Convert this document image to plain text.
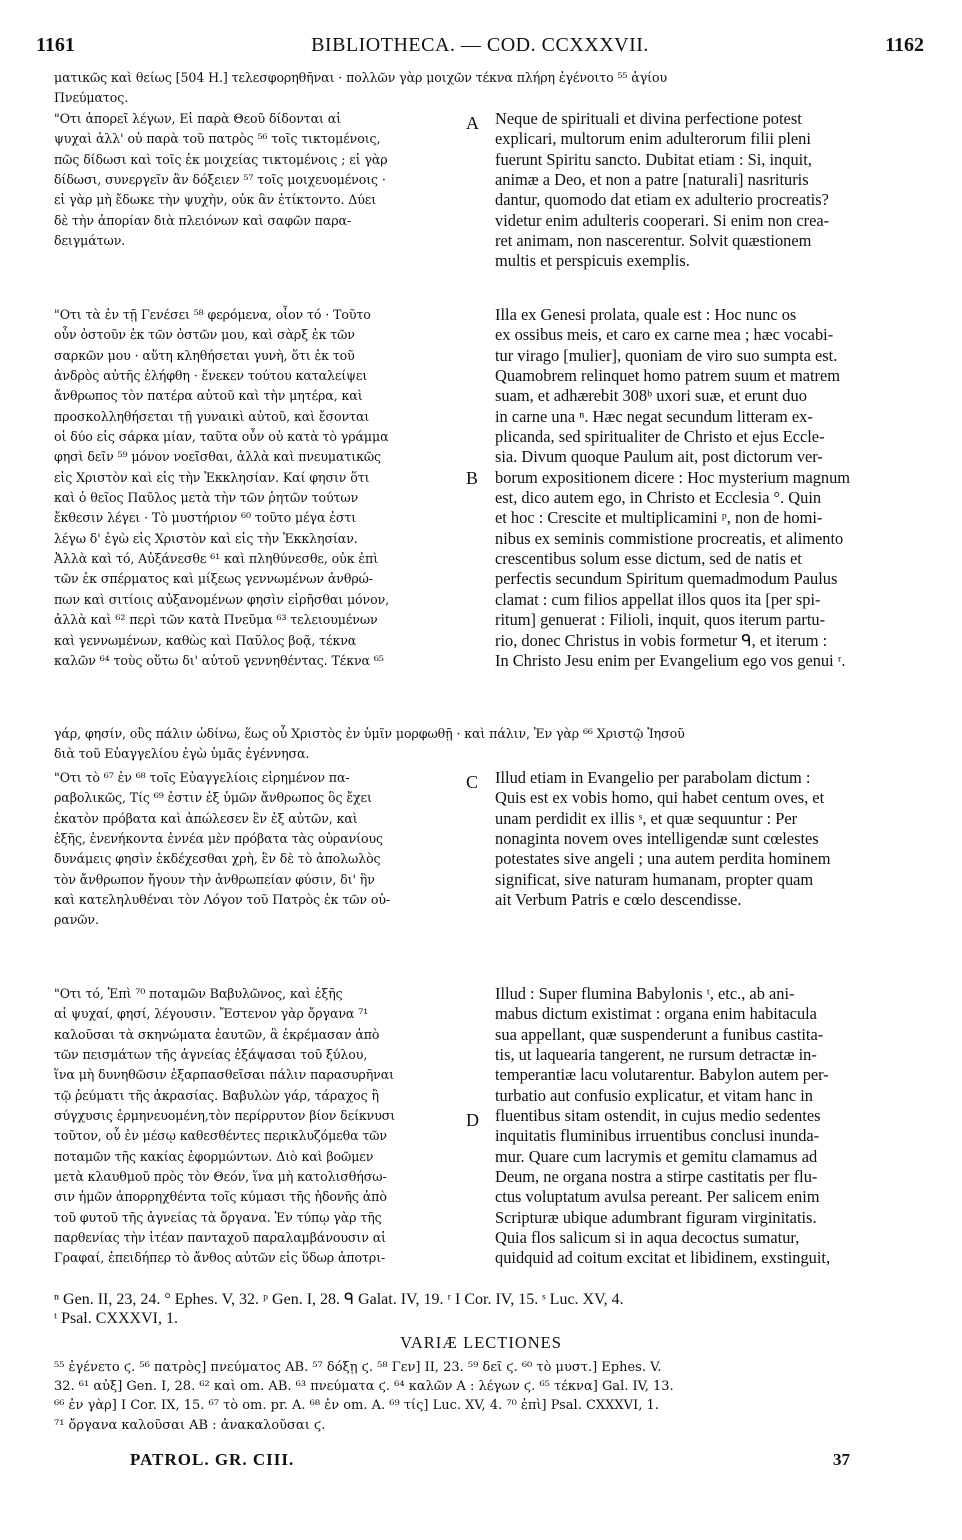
1161	BIBLIOTHECA. — COD. CCXXXVII.	1162
ματικῶς καὶ θείως [504 H.] τελεσφορηθῆναι · πολλῶν γὰρ μοιχῶν τέκνα πλήρη ἐγένοιτο ⁵⁵ ἁγίου
Πνεύματος.
"Οτι ἀπορεῖ λέγων, Εἰ παρὰ Θεοῦ δίδονται αἱ
ψυχαὶ ἀλλ' οὐ παρὰ τοῦ πατρὸς ⁵⁶ τοῖς τικτομένοις,
πῶς δίδωσι καὶ τοῖς ἐκ μοιχείας τικτομένοις ; εἰ γὰρ
δίδωσι, συνεργεῖν ἂν δόξειεν ⁵⁷ τοῖς μοιχευομένοις ·
εἰ γὰρ μὴ ἔδωκε τὴν ψυχὴν, οὐκ ἂν ἐτίκτοντο. Δύει
δὲ τὴν ἀπορίαν διὰ πλειόνων καὶ σαφῶν παρα-
δειγμάτων.
A Neque de spirituali et divina perfectione potest
explicari, multorum enim adulterorum filii pleni
fuerunt Spiritu sancto. Dubitat etiam : Si, inquit,
animæ a Deo, et non a patre [naturali] nasrituris
dantur, quomodo dat etiam ex adulterio procreatis?
videtur enim adulteris cooperari. Si enim non crea-
ret animam, non nascerentur. Solvit quæstionem
multis et perspicuis exemplis.
"Οτι τὰ ἐν τῇ Γενέσει ⁵⁸ φερόμενα, οἷον τό · Τοῦτο
οὖν ὀστοῦν ἐκ τῶν ὀστῶν μου, καὶ σὰρξ ἐκ τῶν
σαρκῶν μου · αὕτη κληθήσεται γυνὴ, ὅτι ἐκ τοῦ
ἀνδρὸς αὐτῆς ἐλήφθη · ἕνεκεν τούτου καταλείψει
ἄνθρωπος τὸν πατέρα αὐτοῦ καὶ τὴν μητέρα, καὶ
προσκολληθήσεται τῇ γυναικὶ αὐτοῦ, καὶ ἔσονται
οἱ δύο εἰς σάρκα μίαν, ταῦτα οὖν οὐ κατὰ τὸ γράμμα
φησὶ δεῖν ⁵⁹ μόνον νοεῖσθαι, ἀλλὰ καὶ πνευματικῶς
εἰς Χριστὸν καὶ εἰς τὴν Ἐκκλησίαν. Καί φησιν ὅτι
καὶ ὁ θεῖος Παῦλος μετὰ τὴν τῶν ῥητῶν τούτων
ἔκθεσιν λέγει · Τὸ μυστήριον ⁶⁰ τοῦτο μέγα ἐστι
λέγω δ' ἐγὼ εἰς Χριστὸν καὶ εἰς τὴν Ἐκκλησίαν.
Ἀλλὰ καὶ τό, Αὐξάνεσθε ⁶¹ καὶ πληθύνεσθε, οὐκ ἐπὶ
τῶν ἐκ σπέρματος καὶ μίξεως γεννωμένων ἀνθρώ-
πων καὶ σιτίοις αὐξανομένων φησὶν εἰρῆσθαι μόνον,
ἀλλὰ καὶ ⁶² περὶ τῶν κατὰ Πνεῦμα ⁶³ τελειουμένων
καὶ γεννωμένων, καθὼς καὶ Παῦλος βοᾷ, τέκνα
καλῶν ⁶⁴ τοὺς οὕτω δι' αὐτοῦ γεννηθέντας. Τέκνα ⁶⁵
B
Illa ex Genesi prolata, quale est : Hoc nunc os
ex ossibus meis, et caro ex carne mea ; hæc vocabi-
tur virago [mulier], quoniam de viro suo sumpta est.
Quamobrem relinquet homo patrem suum et matrem
suam, et adhærebit 308ᵇ uxori suæ, et erunt duo
in carne una ⁿ. Hæc negat secundum litteram ex-
plicanda, sed spiritualiter de Christo et ejus Eccle-
sia. Divum quoque Paulum ait, post dictorum ver-
borum expositionem dicere : Hoc mysterium magnum
est, dico autem ego, in Christo et Ecclesia °. Quin
et hoc : Crescite et multiplicamini ᵖ, non de homi-
nibus ex seminis commistione procreatis, et alimento
crescentibus solum esse dictum, sed de natis et
perfectis secundum Spiritum quemadmodum Paulus
clamat : cum filios appellat illos quos ita [per spi-
ritum] genuerat : Filioli, inquit, quos iterum partu-
rio, donec Christus in vobis formetur ᑫ, et iterum :
In Christo Jesu enim per Evangelium ego vos genui ʳ.
γάρ, φησίν, οὓς πάλιν ὠδίνω, ἕως οὗ Χριστὸς ἐν ὑμῖν μορφωθῇ · καὶ πάλιν, Ἐν γὰρ ⁶⁶ Χριστῷ Ἰησοῦ
διὰ τοῦ Εὐαγγελίου ἐγὼ ὑμᾶς ἐγέννησα.
"Οτι τὸ ⁶⁷ ἐν ⁶⁸ τοῖς Εὐαγγελίοις εἰρημένον πα-
ραβολικῶς, Τίς ⁶⁹ ἐστιν ἐξ ὑμῶν ἄνθρωπος ὃς ἔχει
ἑκατὸν πρόβατα καὶ ἀπώλεσεν ἓν ἐξ αὐτῶν, καὶ
ἑξῆς, ἐνενήκοντα ἐννέα μὲν πρόβατα τὰς οὐρανίους
δυνάμεις φησὶν ἐκδέχεσθαι χρὴ, ἓν δὲ τὸ ἀπολωλὸς
τὸν ἄνθρωπον ἤγουν τὴν ἀνθρωπείαν φύσιν, δι' ἣν
καὶ κατεληλυθέναι τὸν Λόγον τοῦ Πατρὸς ἐκ τῶν οὐ-
ρανῶν.
C Illud etiam in Evangelio per parabolam dictum :
Quis est ex vobis homo, qui habet centum oves, et
unam perdidit ex illis ˢ, et quæ sequuntur : Per
nonaginta novem oves intelligendæ sunt cœlestes
potestates sive angeli ; una autem perdita hominem
significat, sive naturam humanam, propter quam
ait Verbum Patris e cœlo descendisse.
"Οτι τό, Ἐπὶ ⁷⁰ ποταμῶν Βαβυλῶνος, καὶ ἑξῆς
αἱ ψυχαί, φησί, λέγουσιν. Ἔστενον γὰρ ὄργανα ⁷¹
καλοῦσαι τὰ σκηνώματα ἑαυτῶν, ἃ ἐκρέμασαν ἀπὸ
τῶν πεισμάτων τῆς ἁγνείας ἐξάψασαι τοῦ ξύλου,
ἵνα μὴ δυνηθῶσιν ἐξαρπασθεῖσαι πάλιν παρασυρῆναι
τῷ ῥεύματι τῆς ἀκρασίας. Βαβυλὼν γάρ, τάραχος ἢ
σύγχυσις ἑρμηνευομένη,τὸν περίρρυτον βίον δείκνυσι
τοῦτον, οὗ ἐν μέσῳ καθεσθέντες περικλυζόμεθα τῶν
ποταμῶν τῆς κακίας ἐφορμώντων. Διὸ καὶ βοῶμεν
μετὰ κλαυθμοῦ πρὸς τὸν Θεόν, ἵνα μὴ κατολισθήσω-
σιν ἡμῶν ἀπορρηχθέντα τοῖς κύμασι τῆς ἡδονῆς ἀπὸ
τοῦ φυτοῦ τῆς ἁγνείας τὰ ὄργανα. Ἐν τύπῳ γὰρ τῆς
παρθενίας τὴν ἰτέαν πανταχοῦ παραλαμβάνουσιν αἱ
Γραφαί, ἐπειδήπερ τὸ ἄνθος αὐτῶν εἰς ὕδωρ ἀποτρι-
D
Illud : Super flumina Babylonis ᵗ, etc., ab ani-
mabus dictum existimat : organa enim habitacula
sua appellant, quæ suspenderunt a funibus castita-
tis, ut laquearia tangerent, ne rursum detractæ in-
temperantiæ lacu volutarentur. Babylon autem per-
turbatio aut confusio explicatur, et vitam hanc in
fluentibus sitam ostendit, in cujus medio sedentes
inquitatis fluminibus irruentibus conclusi inunda-
mur. Quare cum lacrymis et gemitu clamamus ad
Deum, ne organa nostra a stirpe castitatis per flu-
ctus voluptatum avulsa pereant. Per salicem enim
Scripturæ ubique adumbrant figuram virginitatis.
Quia flos salicum si in aqua decoctus sumatur,
quidquid ad coitum excitat et libidinem, exstinguit,
ⁿ Gen. II, 23, 24. ° Ephes. V, 32. ᵖ Gen. I, 28. ᑫ Galat. IV, 19. ʳ I Cor. IV, 15. ˢ Luc. XV, 4.
ᵗ Psal. CXXXVI, 1.
VARIÆ LECTIONES
⁵⁵ ἐγένετο ϛ. ⁵⁶ πατρὸς] πνεύματος AB. ⁵⁷ δόξῃ ϛ. ⁵⁸ Γεν] II, 23. ⁵⁹ δεῖ ϛ. ⁶⁰ τὸ μυστ.] Ephes. V.
32. ⁶¹ αὐξ] Gen. I, 28. ⁶² καὶ om. AB. ⁶³ πνεύματα ϛ. ⁶⁴ καλῶν A : λέγων ϛ. ⁶⁵ τέκνα] Gal. IV, 13.
⁶⁶ ἐν γὰρ] I Cor. IX, 15. ⁶⁷ τὸ om. pr. A. ⁶⁸ ἐν om. A. ⁶⁹ τίς] Luc. XV, 4. ⁷⁰ ἐπὶ] Psal. CXXXVI, 1.
⁷¹ ὄργανα καλοῦσαι AB : ἀνακαλοῦσαι ϛ.
PATROL. GR. CIII.	37
